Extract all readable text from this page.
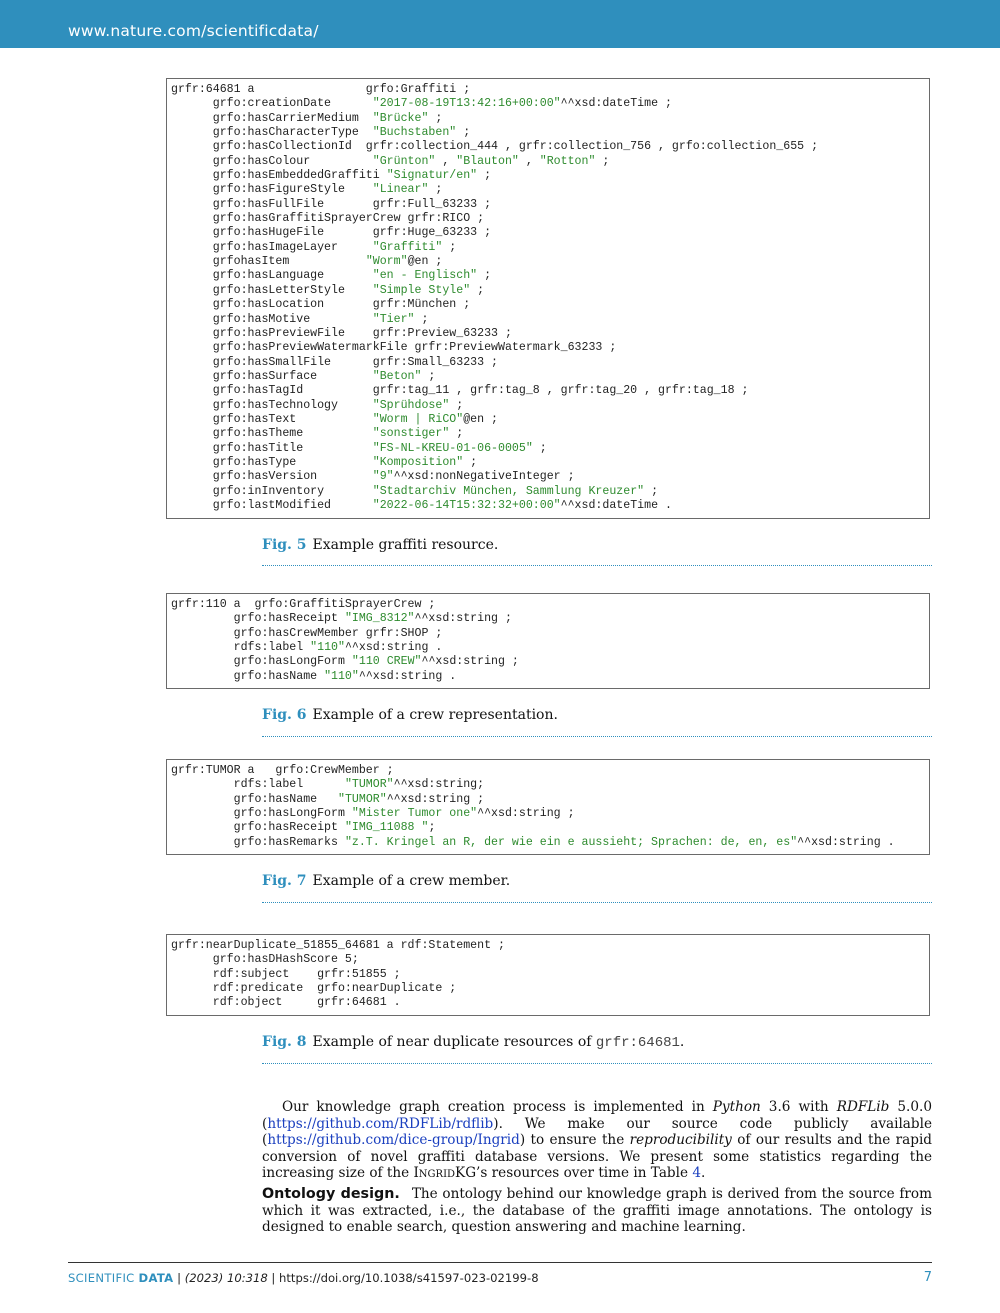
www.nature.com/scientificdata/
grfr:64681 a                grfo:Graffiti ;
grfo:creationDate      "2017-08-19T13:42:16+00:00"^^xsd:dateTime ;
grfo:hasCarrierMedium  "Brücke" ;
grfo:hasCharacterType  "Buchstaben" ;
grfo:hasCollectionId  grfr:collection_444 , grfr:collection_756 , grfo:collection_655 ;
grfo:hasColour         "Grünton" , "Blauton" , "Rotton" ;
grfo:hasEmbeddedGraffiti "Signatur/en" ;
grfo:hasFigureStyle    "Linear" ;
grfo:hasFullFile       grfr:Full_63233 ;
grfo:hasGraffitiSprayerCrew grfr:RICO ;
grfo:hasHugeFile       grfr:Huge_63233 ;
grfo:hasImageLayer     "Graffiti" ;
grfohasItem           "Worm"@en ;
grfo:hasLanguage       "en - Englisch" ;
grfo:hasLetterStyle    "Simple Style" ;
grfo:hasLocation       grfr:München ;
grfo:hasMotive         "Tier" ;
grfo:hasPreviewFile    grfr:Preview_63233 ;
grfo:hasPreviewWatermarkFile grfr:PreviewWatermark_63233 ;
grfo:hasSmallFile      grfr:Small_63233 ;
grfo:hasSurface        "Beton" ;
grfo:hasTagId          grfr:tag_11 , grfr:tag_8 , grfr:tag_20 , grfr:tag_18 ;
grfo:hasTechnology     "Sprühdose" ;
grfo:hasText           "Worm | RiCO"@en ;
grfo:hasTheme          "sonstiger" ;
grfo:hasTitle          "FS-NL-KREU-01-06-0005" ;
grfo:hasType           "Komposition" ;
grfo:hasVersion        "9"^^xsd:nonNegativeInteger ;
grfo:inInventory       "Stadtarchiv München, Sammlung Kreuzer" ;
grfo:lastModified      "2022-06-14T15:32:32+00:00"^^xsd:dateTime .
Fig. 5 Example graffiti resource.
grfr:110 a  grfo:GraffitiSprayerCrew ;
grfo:hasReceipt "IMG_8312"^^xsd:string ;
grfo:hasCrewMember grfr:SHOP ;
rdfs:label "110"^^xsd:string .
grfo:hasLongForm "110 CREW"^^xsd:string ;
grfo:hasName "110"^^xsd:string .
Fig. 6 Example of a crew representation.
grfr:TUMOR a   grfo:CrewMember ;
rdfs:label      "TUMOR"^^xsd:string;
grfo:hasName   "TUMOR"^^xsd:string ;
grfo:hasLongForm "Mister Tumor one"^^xsd:string ;
grfo:hasReceipt "IMG_11088 ";
grfo:hasRemarks "z.T. Kringel an R, der wie ein e aussieht; Sprachen: de, en, es"^^xsd:string .
Fig. 7 Example of a crew member.
grfr:nearDuplicate_51855_64681 a rdf:Statement ;
grfo:hasDHashScore 5;
rdf:subject    grfr:51855 ;
rdf:predicate  grfo:nearDuplicate ;
rdf:object     grfr:64681 .
Fig. 8 Example of near duplicate resources of grfr:64681.
Our knowledge graph creation process is implemented in Python 3.6 with RDFLib 5.0.0 (https://github.com/RDFLib/rdflib). We make our source code publicly available (https://github.com/dice-group/Ingrid) to ensure the reproducibility of our results and the rapid conversion of novel graffiti database versions. We present some statistics regarding the increasing size of the IngridKG’s resources over time in Table 4.
Ontology design. The ontology behind our knowledge graph is derived from the source from which it was extracted, i.e., the database of the graffiti image annotations. The ontology is designed to enable search, question answering and machine learning.
SCIENTIFIC DATA | (2023) 10:318 | https://doi.org/10.1038/s41597-023-02199-8	7
